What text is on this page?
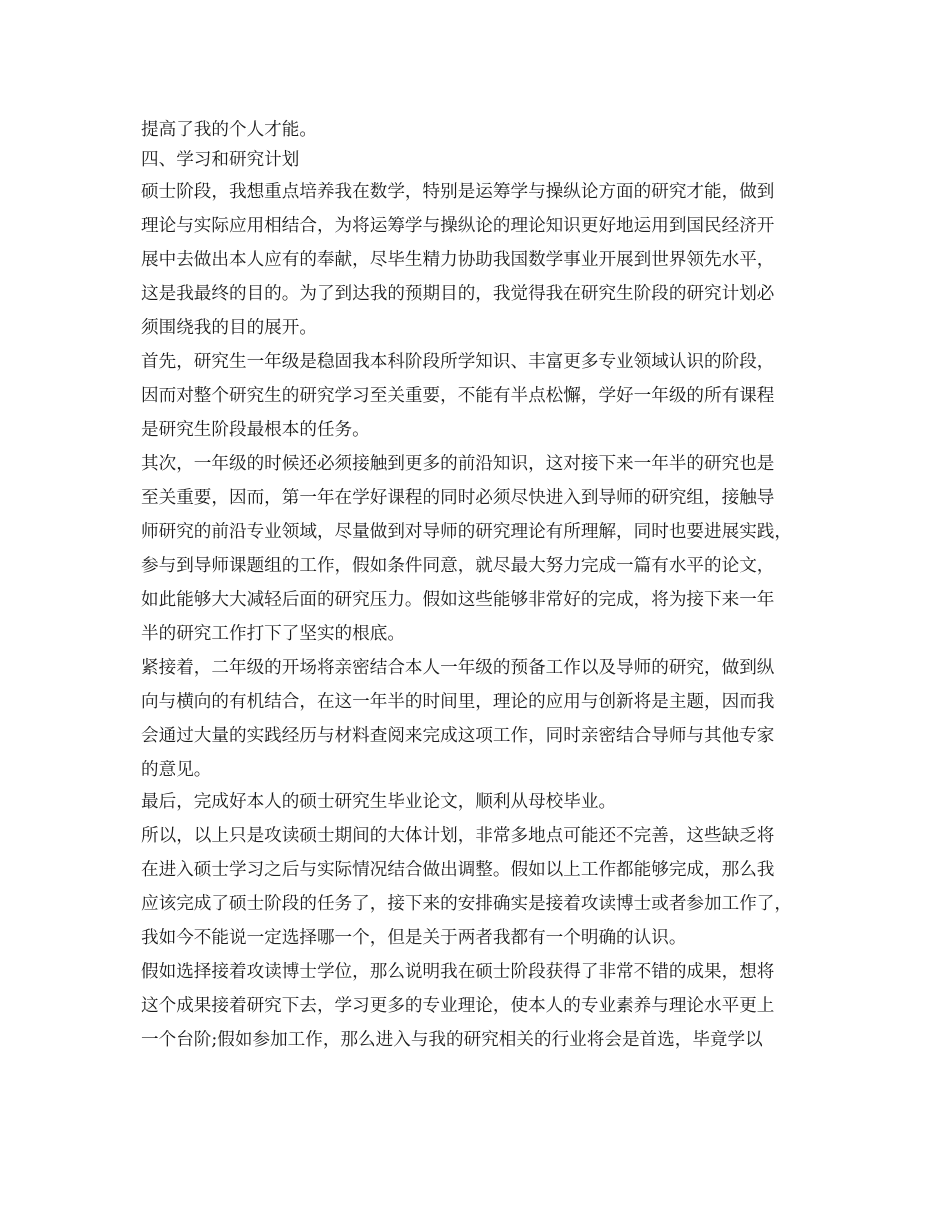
提高了我的个人才能。
四、学习和研究计划
硕士阶段，我想重点培养我在数学，特别是运筹学与操纵论方面的研究才能，做到
理论与实际应用相结合，为将运筹学与操纵论的理论知识更好地运用到国民经济开
展中去做出本人应有的奉献，尽毕生精力协助我国数学事业开展到世界领先水平，
这是我最终的目的。为了到达我的预期目的，我觉得我在研究生阶段的研究计划必
须围绕我的目的展开。
首先，研究生一年级是稳固我本科阶段所学知识、丰富更多专业领域认识的阶段，
因而对整个研究生的研究学习至关重要，不能有半点松懈，学好一年级的所有课程
是研究生阶段最根本的任务。
其次，一年级的时候还必须接触到更多的前沿知识，这对接下来一年半的研究也是
至关重要，因而，第一年在学好课程的同时必须尽快进入到导师的研究组，接触导
师研究的前沿专业领域，尽量做到对导师的研究理论有所理解，同时也要进展实践，
参与到导师课题组的工作，假如条件同意，就尽最大努力完成一篇有水平的论文，
如此能够大大减轻后面的研究压力。假如这些能够非常好的完成，将为接下来一年
半的研究工作打下了坚实的根底。
紧接着，二年级的开场将亲密结合本人一年级的预备工作以及导师的研究，做到纵
向与横向的有机结合，在这一年半的时间里，理论的应用与创新将是主题，因而我
会通过大量的实践经历与材料查阅来完成这项工作，同时亲密结合导师与其他专家
的意见。
最后，完成好本人的硕士研究生毕业论文，顺利从母校毕业。
所以，以上只是攻读硕士期间的大体计划，非常多地点可能还不完善，这些缺乏将
在进入硕士学习之后与实际情况结合做出调整。假如以上工作都能够完成，那么我
应该完成了硕士阶段的任务了，接下来的安排确实是接着攻读博士或者参加工作了，
我如今不能说一定选择哪一个，但是关于两者我都有一个明确的认识。
假如选择接着攻读博士学位，那么说明我在硕士阶段获得了非常不错的成果，想将
这个成果接着研究下去，学习更多的专业理论，使本人的专业素养与理论水平更上
一个台阶;假如参加工作，那么进入与我的研究相关的行业将会是首选，毕竟学以
